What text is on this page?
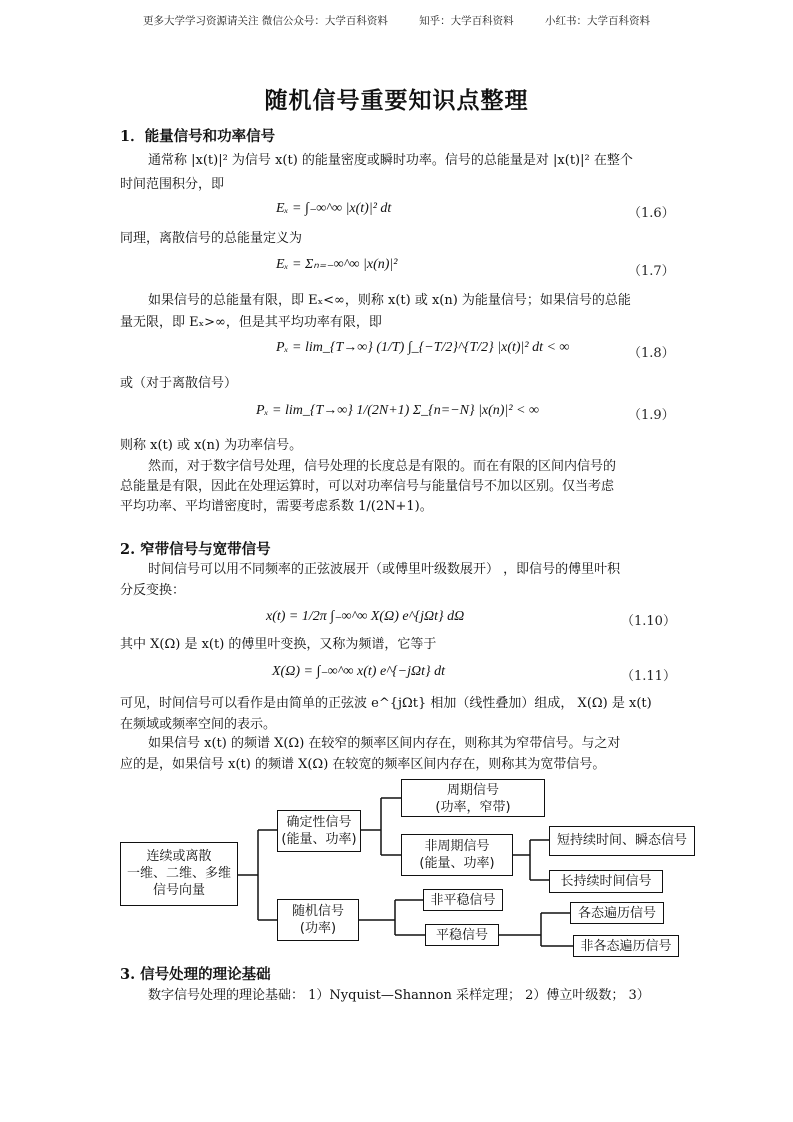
更多大学学习资源请关注 微信公众号：大学百科资料	知乎：大学百科资料	小红书：大学百科资料
随机信号重要知识点整理
1．能量信号和功率信号
通常称 |x(t)|² 为信号 x(t) 的能量密度或瞬时功率。信号的总能量是对 |x(t)|² 在整个
时间范围积分，即
Eₓ = ∫₋∞^∞ |x(t)|² dt	（1.6）
同理，离散信号的总能量定义为
Eₓ = Σₙ₌₋∞^∞ |x(n)|²	（1.7）
如果信号的总能量有限，即 Eₓ<∞，则称 x(t) 或 x(n) 为能量信号；如果信号的总能
量无限，即 Eₓ>∞，但是其平均功率有限，即
Pₓ = lim_{T→∞} (1/T) ∫_{−T/2}^{T/2} |x(t)|² dt < ∞	（1.8）
或（对于离散信号）
Pₓ = lim_{T→∞} 1/(2N+1) Σ_{n=−N} |x(n)|² < ∞	（1.9）
则称 x(t) 或 x(n) 为功率信号。
然而，对于数字信号处理，信号处理的长度总是有限的。而在有限的区间内信号的
总能量是有限，因此在处理运算时，可以对功率信号与能量信号不加以区别。仅当考虑
平均功率、平均谱密度时，需要考虑系数 1/(2N+1)。
2. 窄带信号与宽带信号
时间信号可以用不同频率的正弦波展开（或傅里叶级数展开） ，即信号的傅里叶积
分反变换：
x(t) = 1/2π ∫₋∞^∞ X(Ω) e^{jΩt} dΩ	（1.10）
其中 X(Ω) 是 x(t) 的傅里叶变换，又称为频谱，它等于
X(Ω) = ∫₋∞^∞ x(t) e^{−jΩt} dt	（1.11）
可见，时间信号可以看作是由简单的正弦波 e^{jΩt} 相加（线性叠加）组成， X(Ω) 是 x(t)
在频域或频率空间的表示。
如果信号 x(t) 的频谱 X(Ω) 在较窄的频率区间内存在，则称其为窄带信号。与之对
应的是，如果信号 x(t) 的频谱 X(Ω) 在较宽的频率区间内存在，则称其为宽带信号。
连续或离散
一维、二维、多维
信号向量
确定性信号
(能量、功率)
周期信号
(功率，窄带)
非周期信号
(能量、功率)
短持续时间、瞬态信号
长持续时间信号
随机信号
(功率)
非平稳信号
平稳信号
各态遍历信号
非各态遍历信号
3. 信号处理的理论基础
数字信号处理的理论基础： 1）Nyquist—Shannon 采样定理； 2）傅立叶级数； 3）
